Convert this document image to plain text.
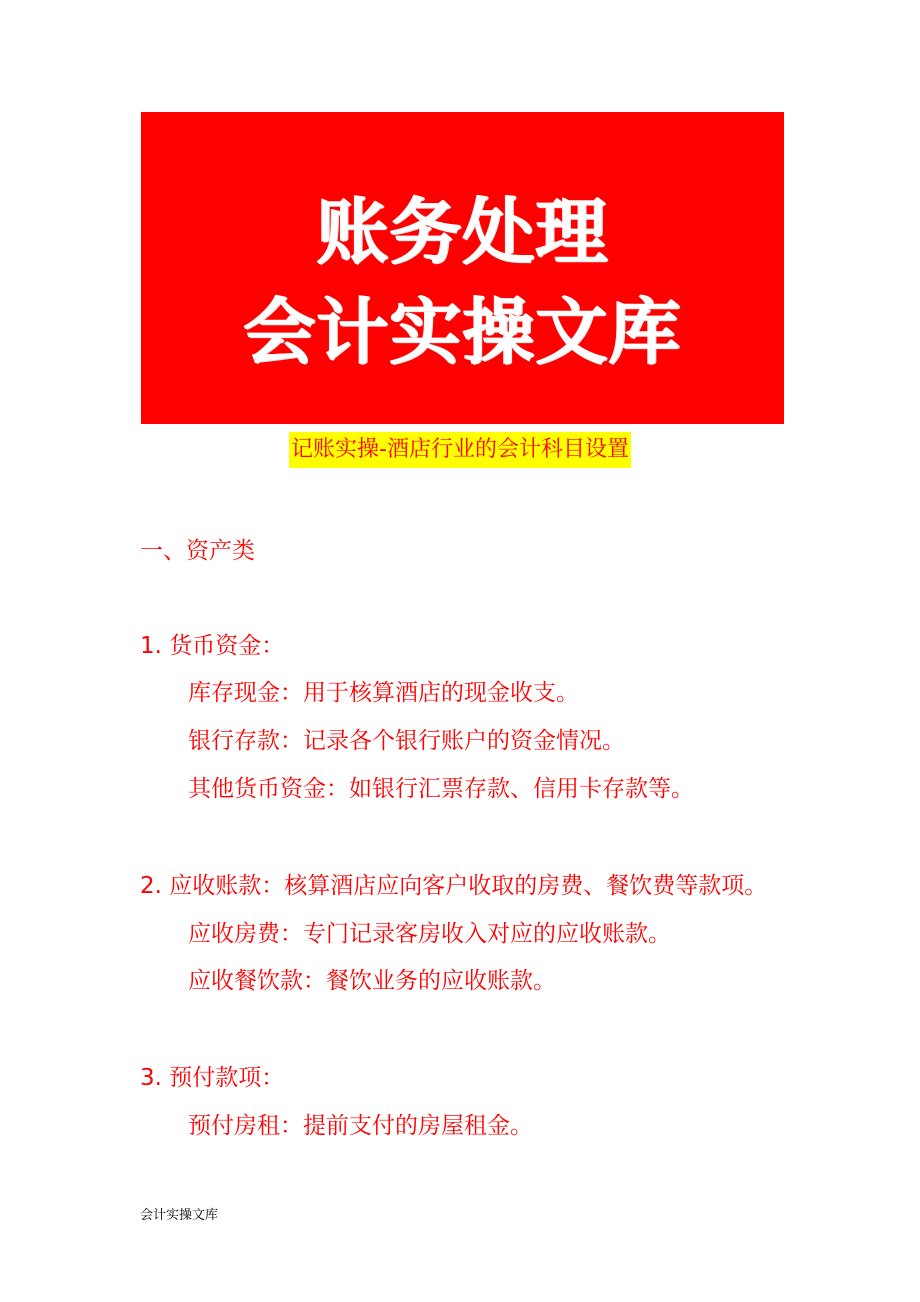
账务处理
会计实操文库
记账实操-酒店行业的会计科目设置
一、资产类
1. 货币资金：
库存现金：用于核算酒店的现金收支。
银行存款：记录各个银行账户的资金情况。
其他货币资金：如银行汇票存款、信用卡存款等。
2. 应收账款：核算酒店应向客户收取的房费、餐饮费等款项。
应收房费：专门记录客房收入对应的应收账款。
应收餐饮款：餐饮业务的应收账款。
3. 预付款项：
预付房租：提前支付的房屋租金。
会计实操文库
